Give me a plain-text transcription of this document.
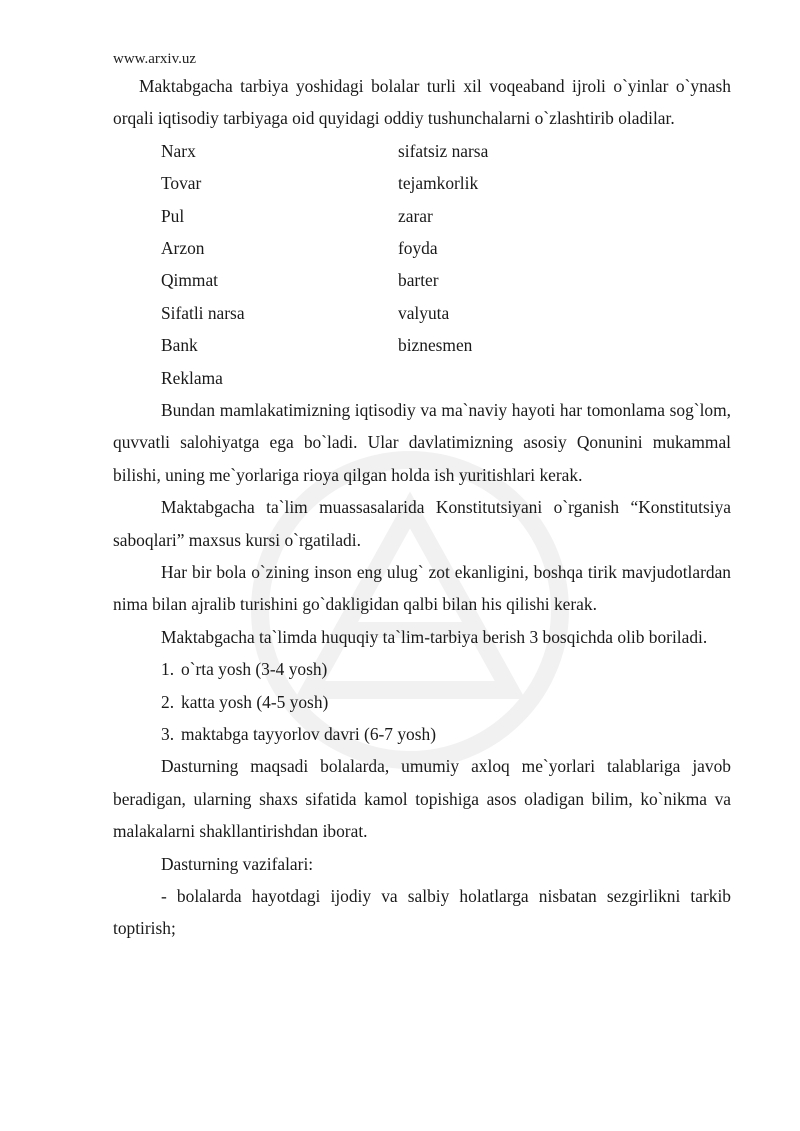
www.arxiv.uz

Maktabgacha tarbiya yoshidagi bolalar turli xil voqeaband ijroli o`yinlar o`ynash orqali iqtisodiy tarbiyaga oid quyidagi oddiy tushunchalarni o`zlashtirib oladilar.

Narx	sifatsiz narsa
Tovar	tejamkorlik
Pul	zarar
Arzon	foyda
Qimmat	barter
Sifatli narsa	valyuta
Bank	biznesmen
Reklama

Bundan mamlakatimizning iqtisodiy va ma`naviy hayoti har tomonlama sog`lom, quvvatli salohiyatga ega bo`ladi. Ular davlatimizning asosiy Qonunini mukammal bilishi, uning me`yorlariga rioya qilgan holda ish yuritishlari kerak.

Maktabgacha ta`lim muassasalarida Konstitutsiyani o`rganish “Konstitutsiya saboqlari” maxsus kursi o`rgatiladi.

Har bir bola o`zining inson eng ulug` zot ekanligini, boshqa tirik mavjudotlardan nima bilan ajralib turishini go`dakligidan qalbi bilan his qilishi kerak.

Maktabgacha ta`limda huquqiy ta`lim-tarbiya berish 3 bosqichda olib boriladi.

1. o`rta yosh (3-4 yosh)
2. katta yosh (4-5 yosh)
3. maktabga tayyorlov davri (6-7 yosh)

Dasturning maqsadi bolalarda, umumiy axloq me`yorlari talablariga javob beradigan, ularning shaxs sifatida kamol topishiga asos oladigan bilim, ko`nikma va malakalarni shakllantirishdan iborat.

Dasturning vazifalari:

- bolalarda hayotdagi ijodiy va salbiy holatlarga nisbatan sezgirlikni tarkib toptirish;
